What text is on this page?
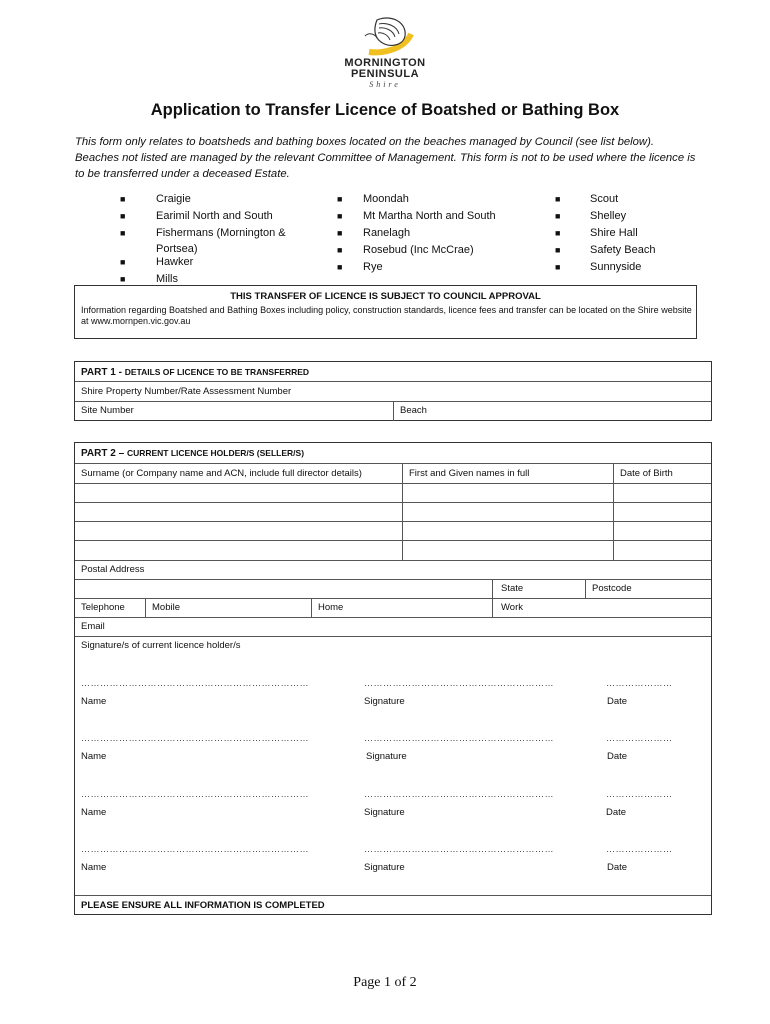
MORNINGTON
PENINSULA
Shire
Application to Transfer Licence of Boatshed or Bathing Box
This form only relates to boatsheds and bathing boxes located on the beaches managed by Council (see list below). Beaches not listed are managed by the relevant Committee of Management. This form is not to be used where the licence is to be transferred under a deceased Estate.
■	Craigie
■	Earimil North and South
■	Fishermans (Mornington & Portsea)
■	Hawker
■	Mills
■ Moondah
■ Mt Martha North and South
■ Ranelagh
■ Rosebud (Inc McCrae)
■ Rye
■	Scout
■	Shelley
■	Shire Hall
■	Safety Beach
■	Sunnyside
THIS TRANSFER OF LICENCE IS SUBJECT TO COUNCIL APPROVAL
Information regarding Boatshed and Bathing Boxes including policy, construction standards, licence fees and transfer can be located on the Shire website at www.mornpen.vic.gov.au
PART 1 - DETAILS OF LICENCE TO BE TRANSFERRED
Shire Property Number/Rate Assessment Number
Site Number	Beach
PART 2 – CURRENT LICENCE HOLDER/S (SELLER/S)
Surname (or Company name and ACN, include full director details)	First and Given names in full	Date of Birth
Postal Address
State	Postcode
Telephone	Mobile	Home	Work
Email
Signature/s of current licence holder/s
………………………………………………………………	……………………………………………………	…………………
Name	Signature	Date
………………………………………………………………	……………………………………………………	…………………
Name	Signature	Date
………………………………………………………………	……………………………………………………	…………………
Name	Signature	Date
………………………………………………………………	……………………………………………………	…………………
Name	Signature	Date
PLEASE ENSURE ALL INFORMATION IS COMPLETED
Page 1 of 2
